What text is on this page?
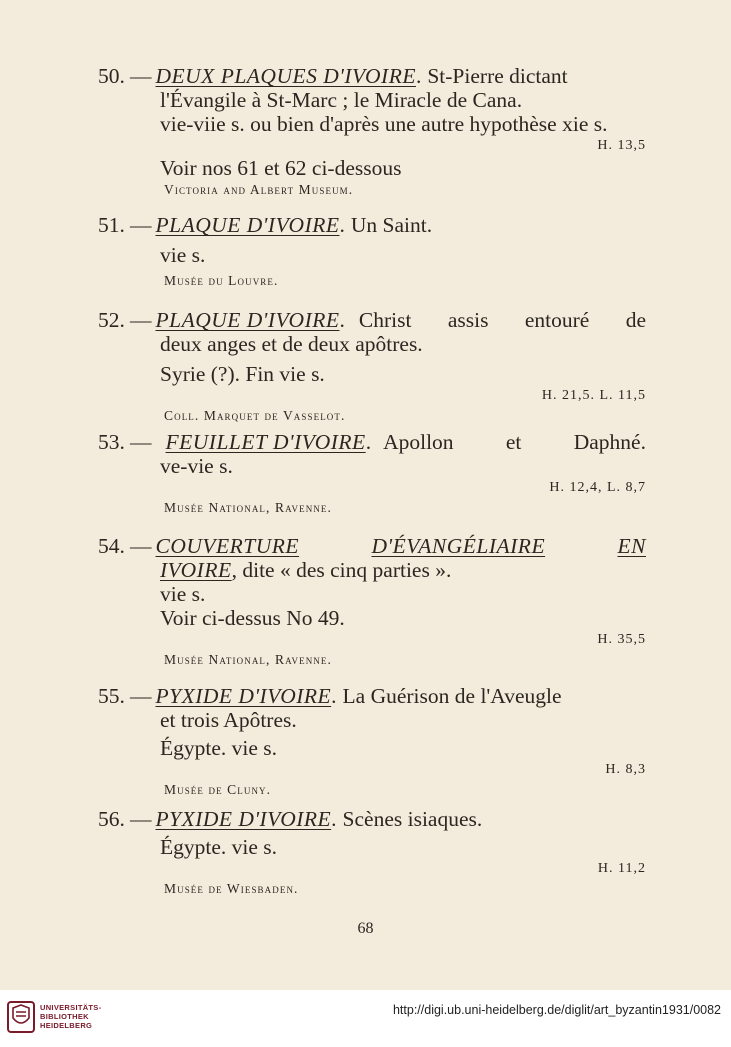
50. — DEUX PLAQUES D'IVOIRE . St-Pierre dictant
l'Évangile à St-Marc ; le Miracle de Cana.
vie-viie s. ou bien d'après une autre hypothèse xie s.
H. 13,5
Voir nos 61 et 62 ci-dessous
Victoria and Albert Museum.
51. — PLAQUE D'IVOIRE . Un Saint.
vie s.
Musée du Louvre.
52. — PLAQUE D'IVOIRE . Christ assis entouré de
deux anges et de deux apôtres.
Syrie (?). Fin vie s.
H. 21,5. L. 11,5
Coll. Marquet de Vasselot.
53. — FEUILLET D'IVOIRE . Apollon et Daphné.
ve-vie s.
H. 12,4, L. 8,7
Musée National, Ravenne.
54. — COUVERTURE	D'ÉVANGÉLIAIRE	EN
IVOIRE, dite « des cinq parties ».
vie s.
Voir ci-dessus No 49.
H. 35,5
Musée National, Ravenne.
55. — PYXIDE D'IVOIRE . La Guérison de l'Aveugle
et trois Apôtres.
Égypte. vie s.
H. 8,3
Musée de Cluny.
56. — PYXIDE D'IVOIRE . Scènes isiaques.
Égypte. vie s.
H. 11,2
Musée de Wiesbaden.
68
UNIVERSITÄTS-
BIBLIOTHEK
HEIDELBERG
http://digi.ub.uni-heidelberg.de/diglit/art_byzantin1931/0082
